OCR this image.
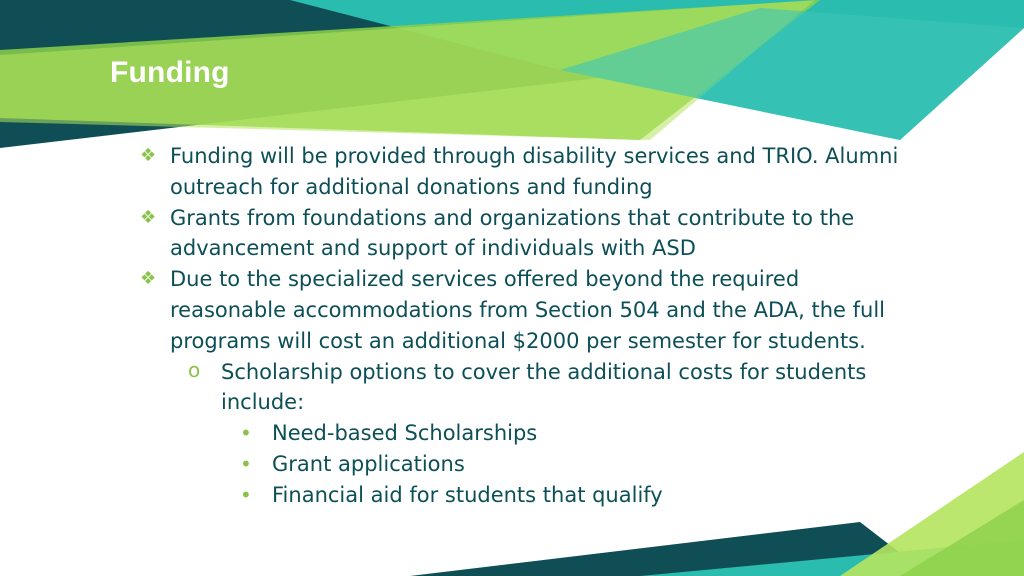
Funding
❖ Funding will be provided through disability services and TRIO. Alumni outreach for additional donations and funding
❖ Grants from foundations and organizations that contribute to the advancement and support of individuals with ASD
❖ Due to the specialized services offered beyond the required reasonable accommodations from Section 504 and the ADA, the full programs will cost an additional $2000 per semester for students.
o Scholarship options to cover the additional costs for students include:
• Need-based Scholarships
• Grant applications
• Financial aid for students that qualify
